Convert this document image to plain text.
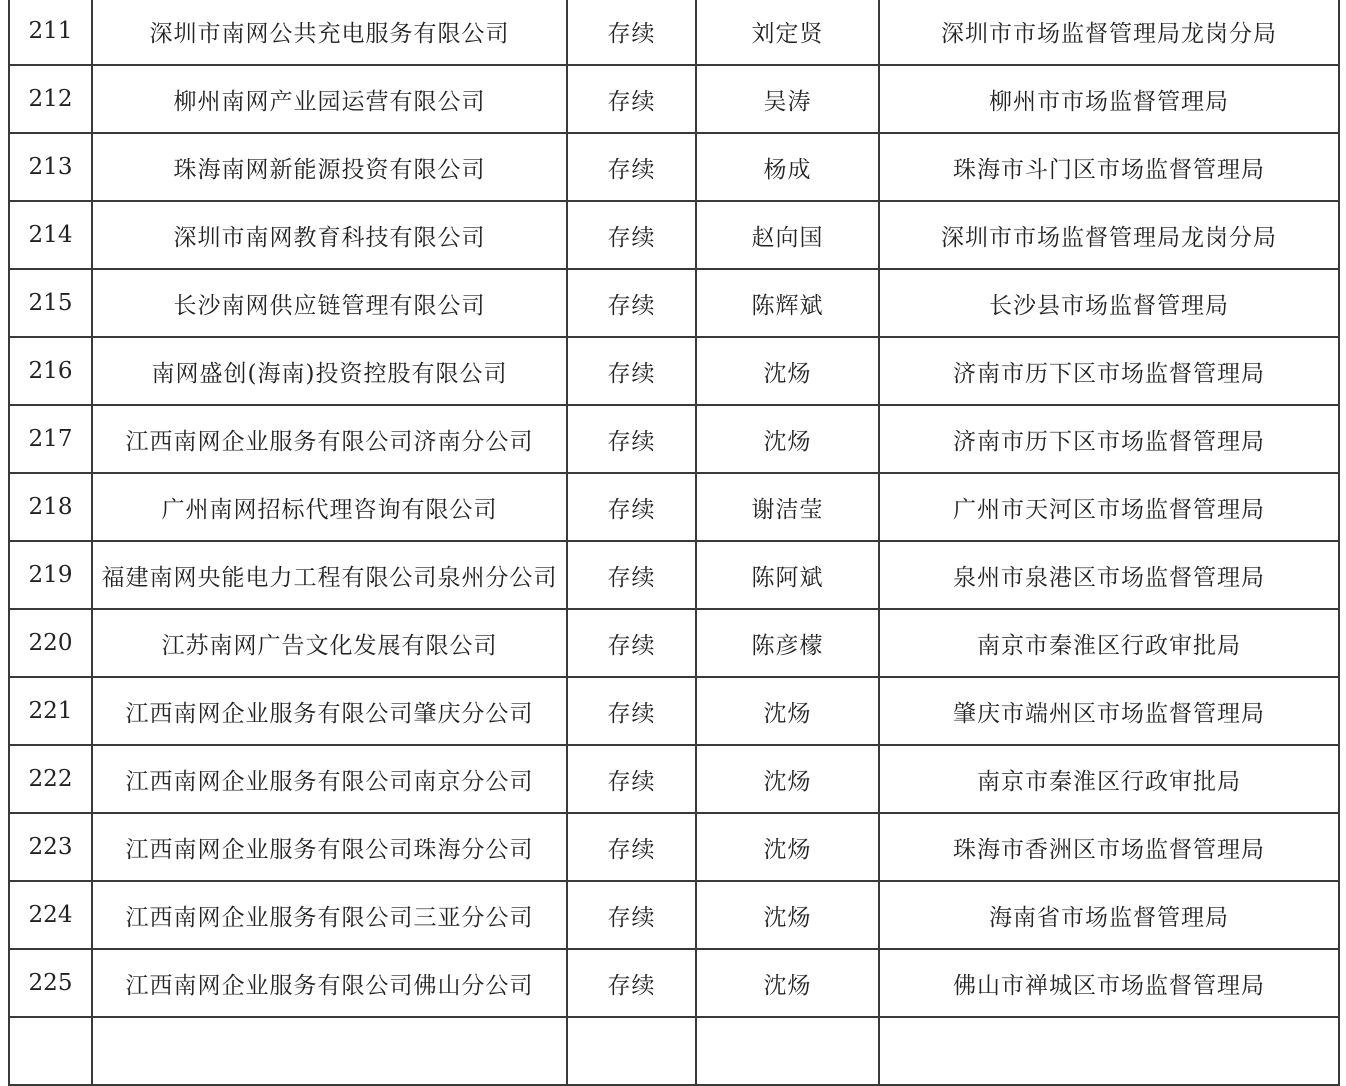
211	深圳市南网公共充电服务有限公司	存续	刘定贤	深圳市市场监督管理局龙岗分局
212	柳州南网产业园运营有限公司	存续	吴涛	柳州市市场监督管理局
213	珠海南网新能源投资有限公司	存续	杨成	珠海市斗门区市场监督管理局
214	深圳市南网教育科技有限公司	存续	赵向国	深圳市市场监督管理局龙岗分局
215	长沙南网供应链管理有限公司	存续	陈辉斌	长沙县市场监督管理局
216	南网盛创(海南)投资控股有限公司	存续	沈炀	济南市历下区市场监督管理局
217	江西南网企业服务有限公司济南分公司	存续	沈炀	济南市历下区市场监督管理局
218	广州南网招标代理咨询有限公司	存续	谢洁莹	广州市天河区市场监督管理局
219	福建南网央能电力工程有限公司泉州分公司	存续	陈阿斌	泉州市泉港区市场监督管理局
220	江苏南网广告文化发展有限公司	存续	陈彦檬	南京市秦淮区行政审批局
221	江西南网企业服务有限公司肇庆分公司	存续	沈炀	肇庆市端州区市场监督管理局
222	江西南网企业服务有限公司南京分公司	存续	沈炀	南京市秦淮区行政审批局
223	江西南网企业服务有限公司珠海分公司	存续	沈炀	珠海市香洲区市场监督管理局
224	江西南网企业服务有限公司三亚分公司	存续	沈炀	海南省市场监督管理局
225	江西南网企业服务有限公司佛山分公司	存续	沈炀	佛山市禅城区市场监督管理局
